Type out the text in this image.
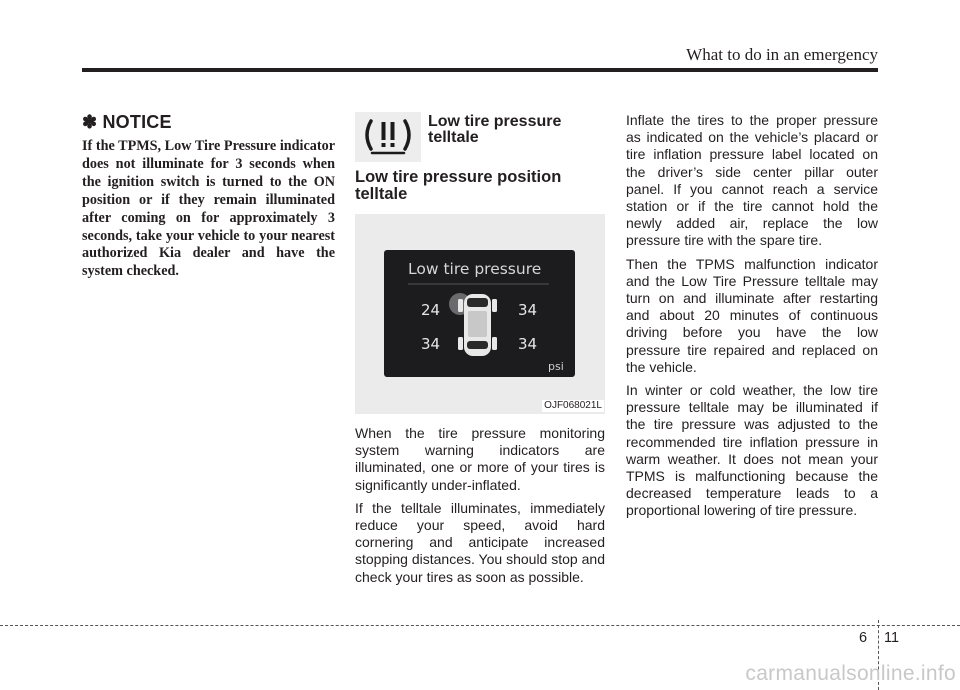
What to do in an emergency
✽ NOTICE

If the TPMS, Low Tire Pressure indicator does not illuminate for 3 seconds when the ignition switch is turned to the ON position or if they remain illuminated after coming on for approximately 3 seconds, take your vehicle to your nearest authorized Kia dealer and have the system checked.

Low tire pressure telltale
Low tire pressure position telltale
Low tire pressure
24	34
34	34
psi
OJF068021L

When the tire pressure monitoring system warning indicators are illuminated, one or more of your tires is significantly under-inflated.

If the telltale illuminates, immediately reduce your speed, avoid hard cornering and anticipate increased stopping distances. You should stop and check your tires as soon as possible.

Inflate the tires to the proper pressure as indicated on the vehicle’s placard or tire inflation pressure label located on the driver’s side center pillar outer panel. If you cannot reach a service station or if the tire cannot hold the newly added air, replace the low pressure tire with the spare tire.

Then the TPMS malfunction indicator and the Low Tire Pressure telltale may turn on and illuminate after restarting and about 20 minutes of continuous driving before you have the low pressure tire repaired and replaced on the vehicle.

In winter or cold weather, the low tire pressure telltale may be illuminated if the tire pressure was adjusted to the recommended tire inflation pressure in warm weather. It does not mean your TPMS is malfunctioning because the decreased temperature leads to a proportional lowering of tire pressure.

6 11
carmanualsonline.info
